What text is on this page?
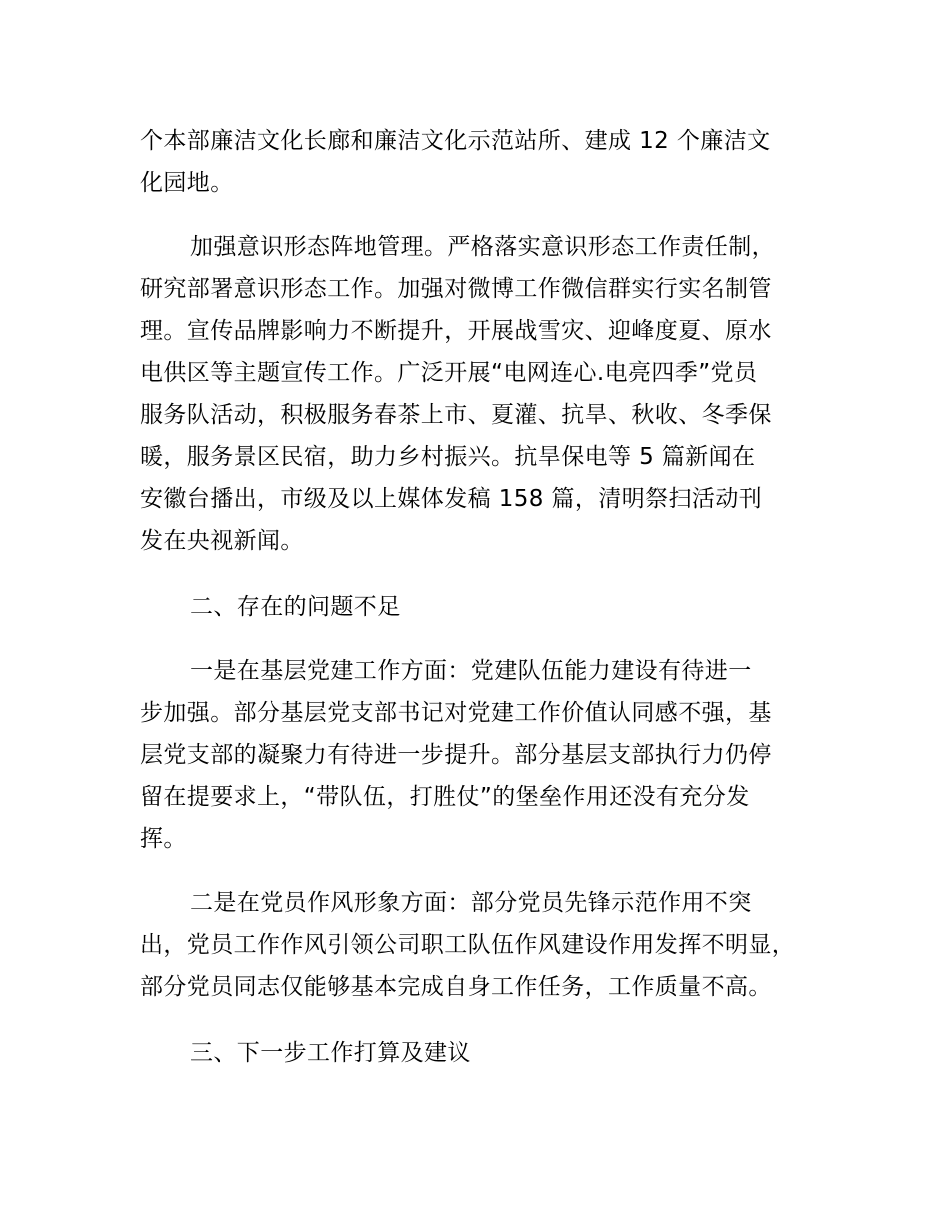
个本部廉洁文化长廊和廉洁文化示范站所、建成 12 个廉洁文
化园地。
加强意识形态阵地管理。严格落实意识形态工作责任制，
研究部署意识形态工作。加强对微博工作微信群实行实名制管
理。宣传品牌影响力不断提升，开展战雪灾、迎峰度夏、原水
电供区等主题宣传工作。广泛开展“电网连心.电亮四季”党员
服务队活动，积极服务春茶上市、夏灌、抗旱、秋收、冬季保
暖，服务景区民宿，助力乡村振兴。抗旱保电等 5 篇新闻在
安徽台播出，市级及以上媒体发稿 158 篇，清明祭扫活动刊
发在央视新闻。
二、存在的问题不足
一是在基层党建工作方面：党建队伍能力建设有待进一
步加强。部分基层党支部书记对党建工作价值认同感不强，基
层党支部的凝聚力有待进一步提升。部分基层支部执行力仍停
留在提要求上，“带队伍，打胜仗”的堡垒作用还没有充分发
挥。
二是在党员作风形象方面：部分党员先锋示范作用不突
出，党员工作作风引领公司职工队伍作风建设作用发挥不明显，
部分党员同志仅能够基本完成自身工作任务，工作质量不高。
三、下一步工作打算及建议
